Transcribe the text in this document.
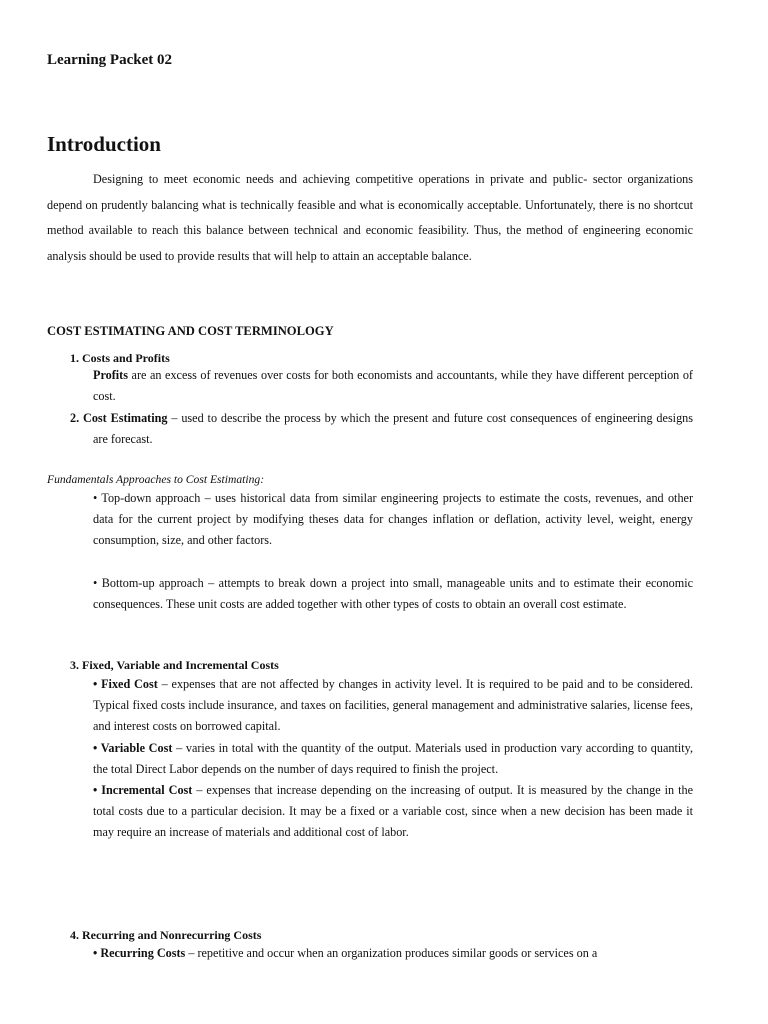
Learning Packet 02
Introduction

Designing to meet economic needs and achieving competitive operations in private and public- sector organizations depend on prudently balancing what is technically feasible and what is economically acceptable. Unfortunately, there is no shortcut method available to reach this balance between technical and economic feasibility. Thus, the method of engineering economic analysis should be used to provide results that will help to attain an acceptable balance.

COST ESTIMATING AND COST TERMINOLOGY
1. Costs and Profits

Profits are an excess of revenues over costs for both economists and accountants, while they have different perception of cost.

2. Cost Estimating – used to describe the process by which the present and future cost consequences of engineering designs are forecast.

Fundamentals Approaches to Cost Estimating:

• Top-down approach – uses historical data from similar engineering projects to estimate the costs, revenues, and other data for the current project by modifying theses data for changes inflation or deflation, activity level, weight, energy consumption, size, and other factors.

• Bottom-up approach – attempts to break down a project into small, manageable units and to estimate their economic consequences. These unit costs are added together with other types of costs to obtain an overall cost estimate.

3. Fixed, Variable and Incremental Costs

• Fixed Cost – expenses that are not affected by changes in activity level. It is required to be paid and to be considered. Typical fixed costs include insurance, and taxes on facilities, general management and administrative salaries, license fees, and interest costs on borrowed capital.

• Variable Cost – varies in total with the quantity of the output. Materials used in production vary according to quantity, the total Direct Labor depends on the number of days required to finish the project.

• Incremental Cost – expenses that increase depending on the increasing of output. It is measured by the change in the total costs due to a particular decision. It may be a fixed or a variable cost, since when a new decision has been made it may require an increase of materials and additional cost of labor.

4. Recurring and Nonrecurring Costs

• Recurring Costs – repetitive and occur when an organization produces similar goods or services on a
